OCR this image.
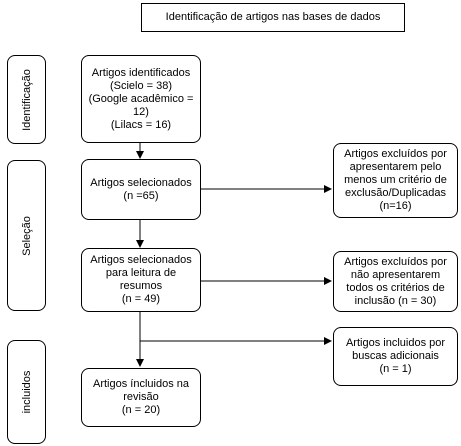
Identificação de artigos nas bases de dados
Identificação
Seleção
incluidos
Artigos identificados
(Scielo = 38)
(Google acadêmico =
12)
(Lilacs = 16)
Artigos selecionados
(n =65)
Artigos selecionados
para leitura de
resumos
(n = 49)
Artigos íncluidos na
revisão
(n = 20)
Artigos excluídos por
apresentarem pelo
menos um critério de
exclusão/Duplicadas
(n=16)
Artigos excluídos por
não apresentarem
todos os critérios de
inclusão (n = 30)
Artigos incluidos por
buscas adicionais
(n = 1)
